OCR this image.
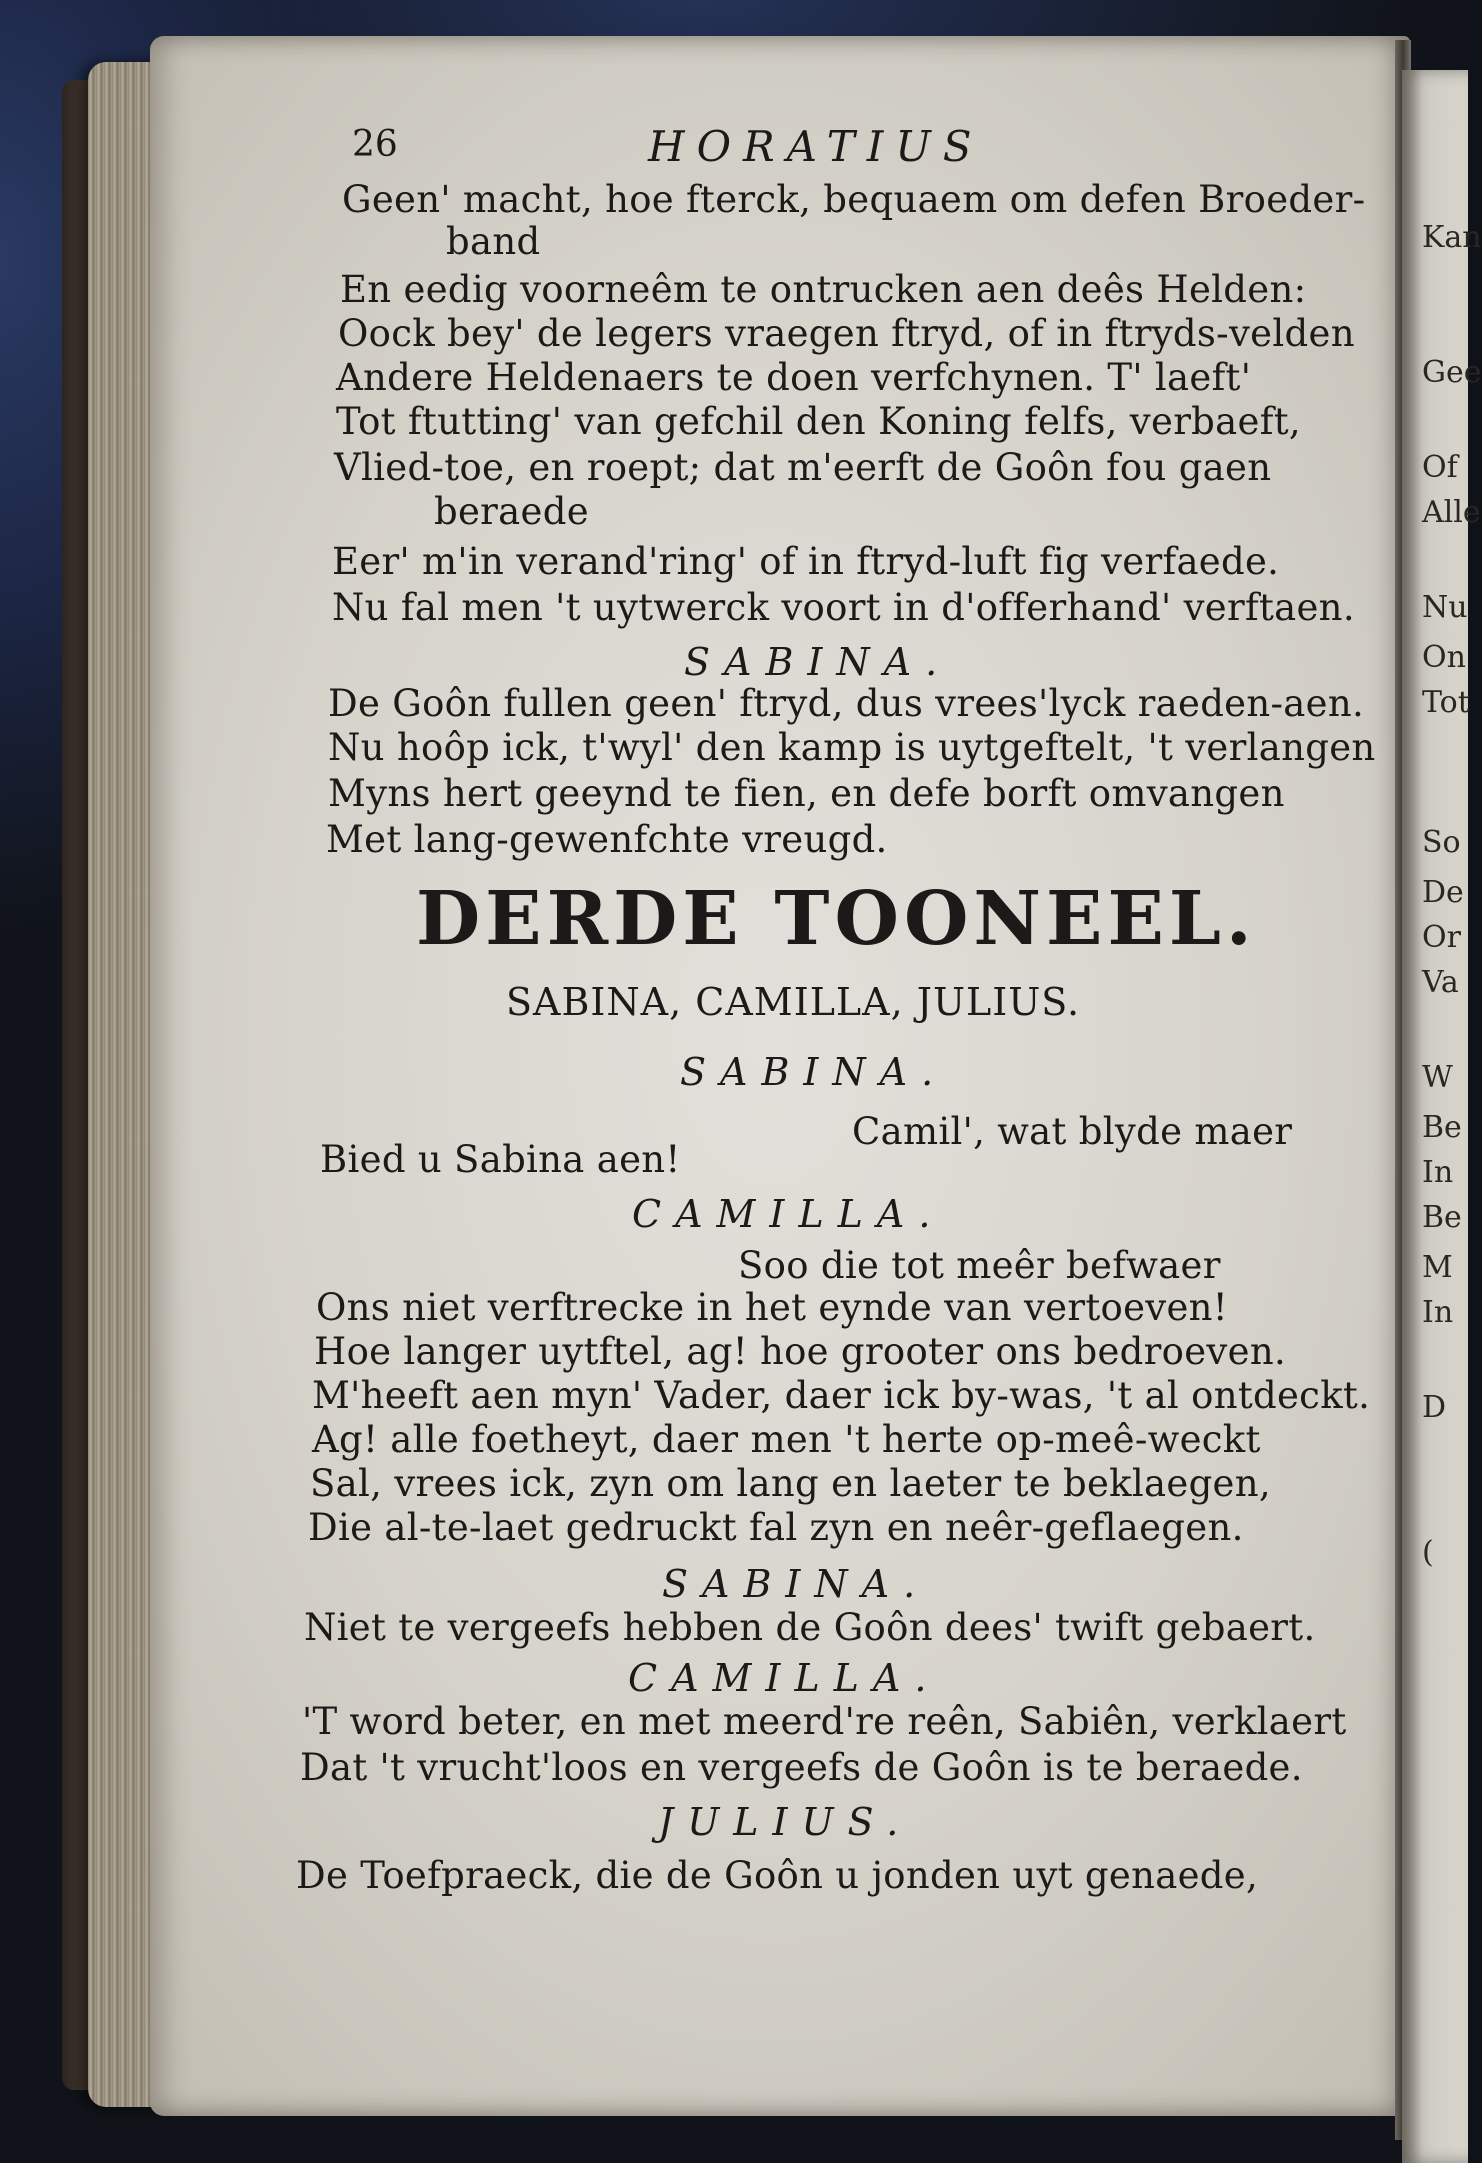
Kan
Gee
Of
Alle
Nu
On
Tot
So
De
Or
Va
W
Be
In
Be
M
In
D
(
26	HORATIUS
Geen' macht, hoe fterck, bequaem om defen Broeder-
band
En eedig voorneêm te ontrucken aen deês Helden:
Oock bey' de legers vraegen ftryd, of in ftryds-velden
Andere Heldenaers te doen verfchynen. T' laeft'
Tot ftutting' van gefchil den Koning felfs, verbaeft,
Vlied-toe, en roept; dat m'eerft de Goôn fou gaen
beraede
Eer' m'in verand'ring' of in ftryd-luft fig verfaede.
Nu fal men 't uytwerck voort in d'offerhand' verftaen.
SABINA.
De Goôn fullen geen' ftryd, dus vrees'lyck raeden-aen.
Nu hoôp ick, t'wyl' den kamp is uytgeftelt, 't verlangen
Myns hert geeynd te fien, en defe borft omvangen
Met lang-gewenfchte vreugd.
DERDE TOONEEL.
SABINA, CAMILLA, JULIUS.
SABINA.
Camil', wat blyde maer
Bied u Sabina aen!
CAMILLA.
Soo die tot meêr befwaer
Ons niet verftrecke in het eynde van vertoeven!
Hoe langer uytftel, ag! hoe grooter ons bedroeven.
M'heeft aen myn' Vader, daer ick by-was, 't al ontdeckt.
Ag! alle foetheyt, daer men 't herte op-meê-weckt
Sal, vrees ick, zyn om lang en laeter te beklaegen,
Die al-te-laet gedruckt fal zyn en neêr-geflaegen.
SABINA.
Niet te vergeefs hebben de Goôn dees' twift gebaert.
CAMILLA.
'T word beter, en met meerd're reên, Sabiên, verklaert
Dat 't vrucht'loos en vergeefs de Goôn is te beraede.
JULIUS.
De Toefpraeck, die de Goôn u jonden uyt genaede,
